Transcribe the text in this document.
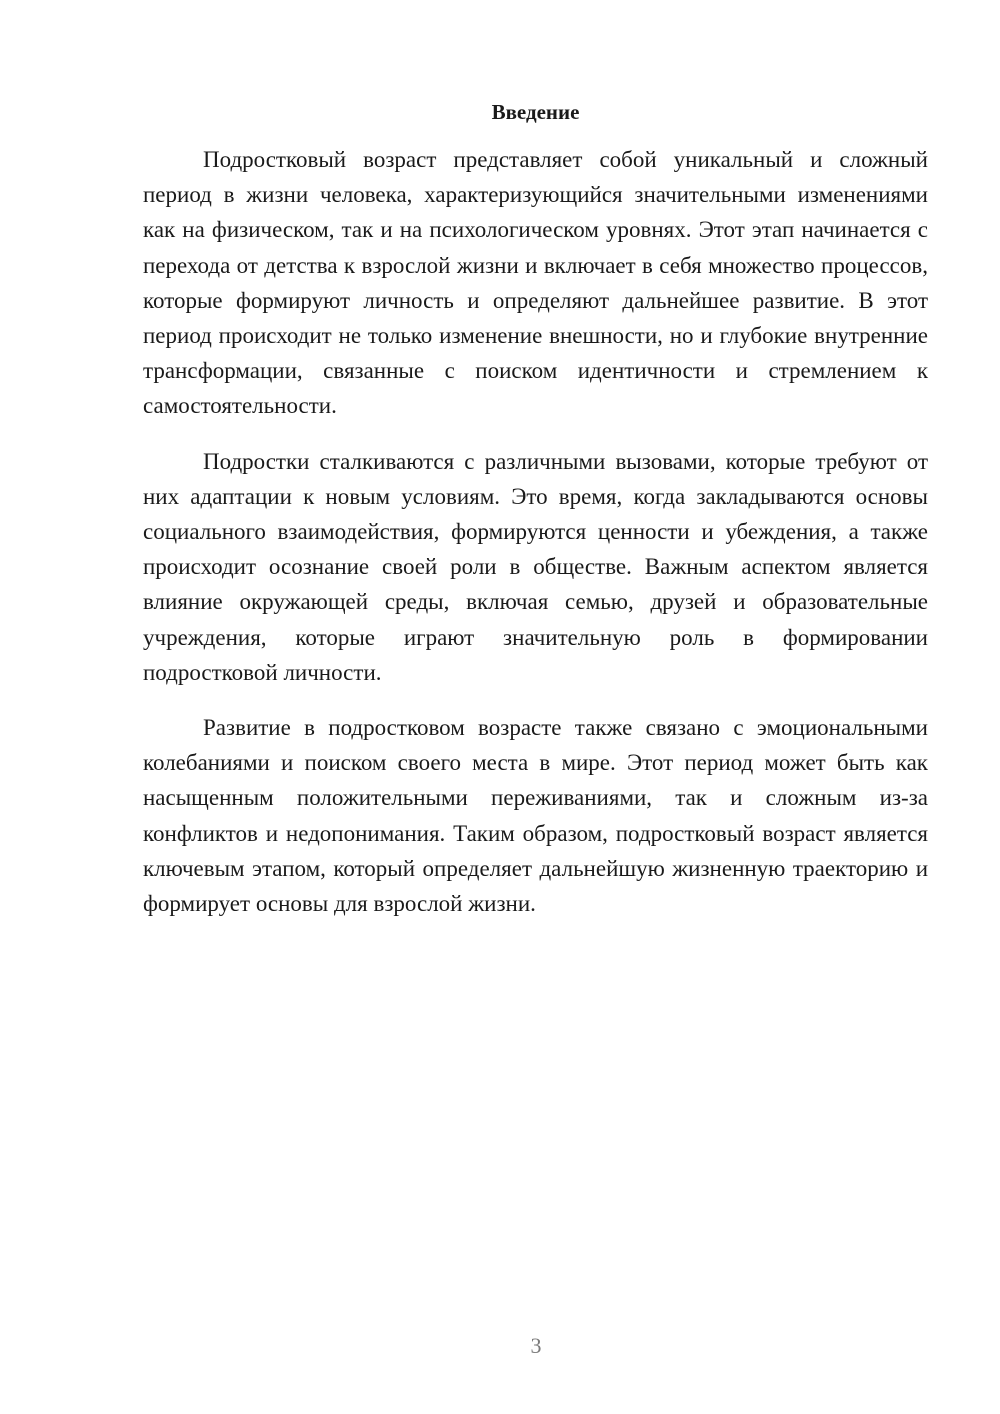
Введение

Подростковый возраст представляет собой уникальный и сложный период в жизни человека, характеризующийся значительными изменениями как на физическом, так и на психологическом уровнях. Этот этап начинается с перехода от детства к взрослой жизни и включает в себя множество процессов, которые формируют личность и определяют дальнейшее развитие. В этот период происходит не только изменение внешности, но и глубокие внутренние трансформации, связанные с поиском идентичности и стремлением к самостоятельности.

Подростки сталкиваются с различными вызовами, которые требуют от них адаптации к новым условиям. Это время, когда закладываются основы социального взаимодействия, формируются ценности и убеждения, а также происходит осознание своей роли в обществе. Важным аспектом является влияние окружающей среды, включая семью, друзей и образовательные учреждения, которые играют значительную роль в формировании подростковой личности.

Развитие в подростковом возрасте также связано с эмоциональными колебаниями и поиском своего места в мире. Этот период может быть как насыщенным положительными переживаниями, так и сложным из-за конфликтов и недопонимания. Таким образом, подростковый возраст является ключевым этапом, который определяет дальнейшую жизненную траекторию и формирует основы для взрослой жизни.

3
